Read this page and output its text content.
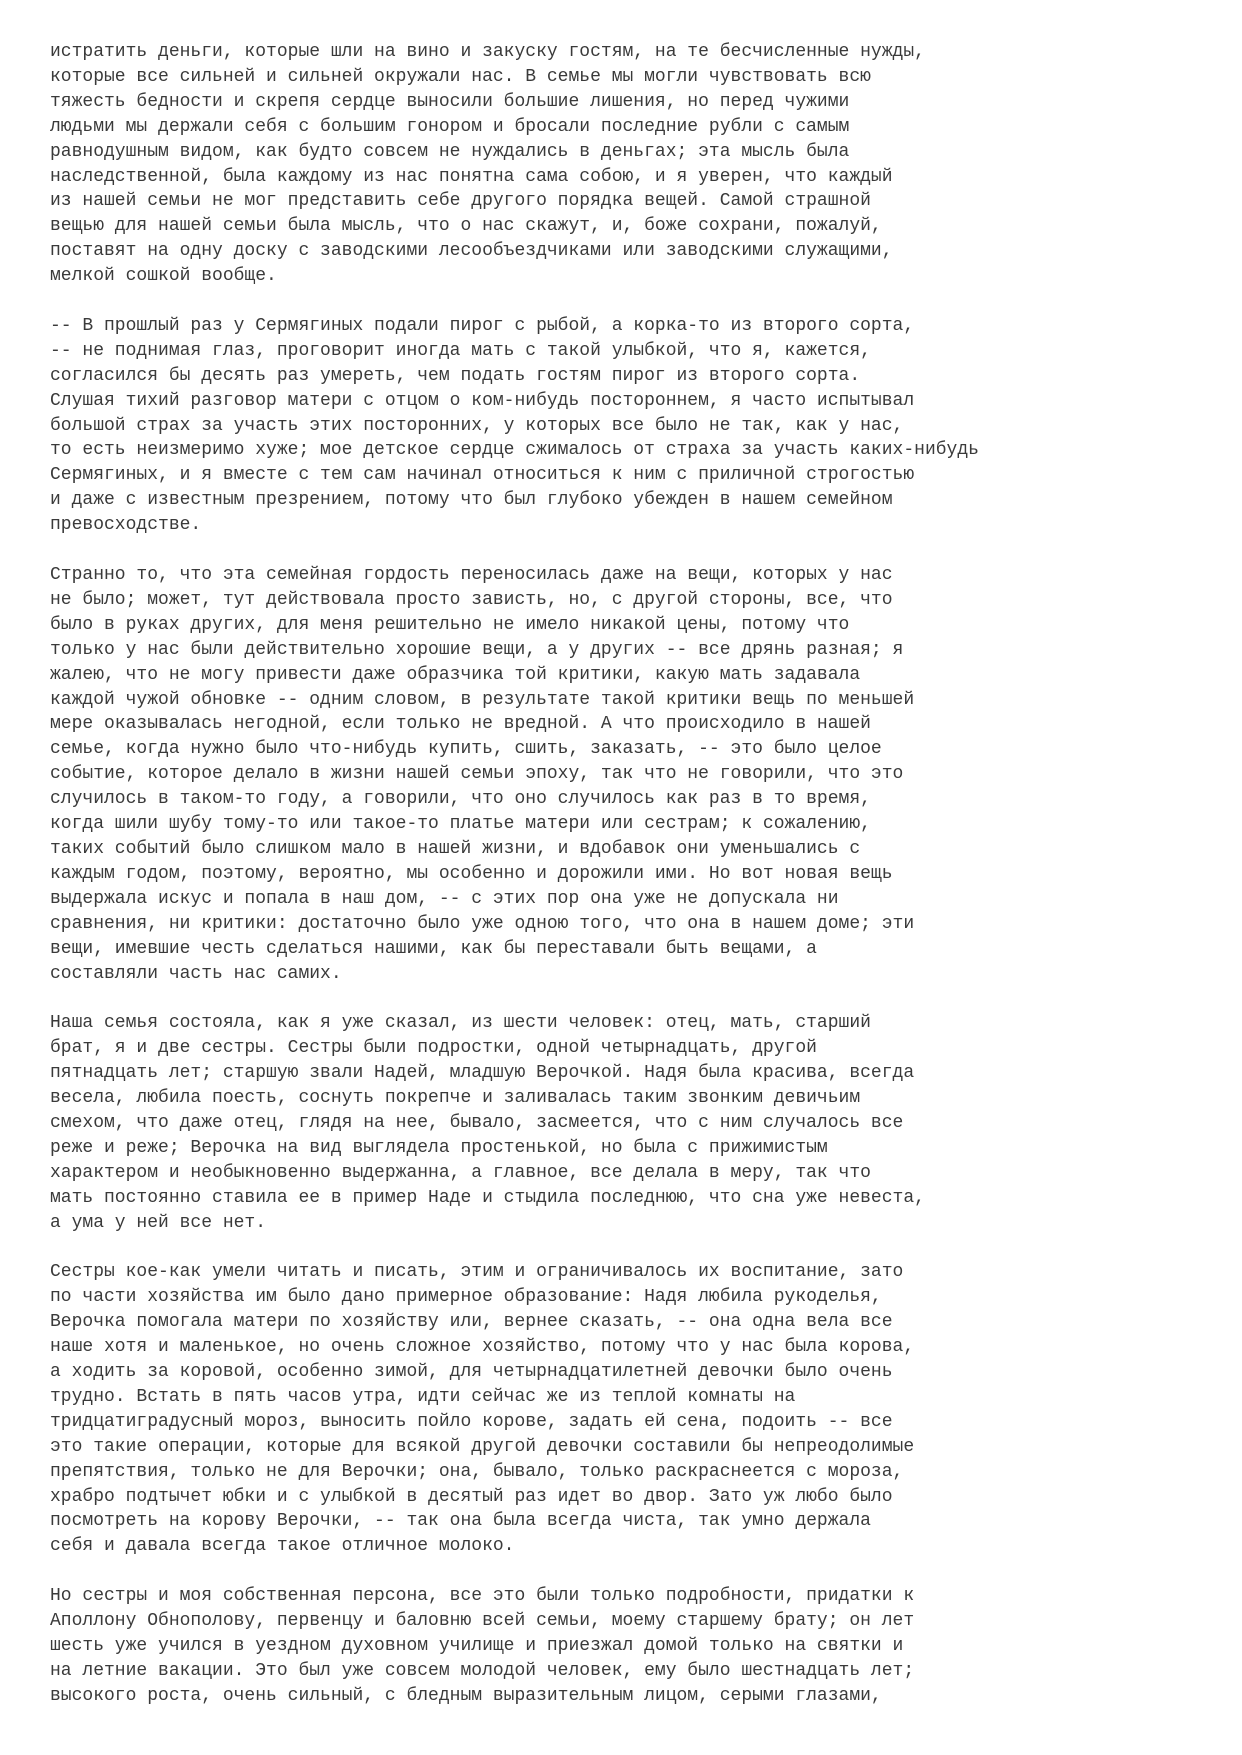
истратить деньги, которые шли на вино и закуску гостям, на те бесчисленные нужды,
которые все сильней и сильней окружали нас. В семье мы могли чувствовать всю
тяжесть бедности и скрепя сердце выносили большие лишения, но перед чужими
людьми мы держали себя с большим гонором и бросали последние рубли с самым
равнодушным видом, как будто совсем не нуждались в деньгах; эта мысль была
наследственной, была каждому из нас понятна сама собою, и я уверен, что каждый
из нашей семьи не мог представить себе другого порядка вещей. Самой страшной
вещью для нашей семьи была мысль, что о нас скажут, и, боже сохрани, пожалуй,
поставят на одну доску с заводскими лесообъездчиками или заводскими служащими,
мелкой сошкой вообще.
-- В прошлый раз у Сермягиных подали пирог с рыбой, а корка-то из второго сорта,
-- не поднимая глаз, проговорит иногда мать с такой улыбкой, что я, кажется,
согласился бы десять раз умереть, чем подать гостям пирог из второго сорта.
Слушая тихий разговор матери с отцом о ком-нибудь постороннем, я часто испытывал
большой страх за участь этих посторонних, у которых все было не так, как у нас,
то есть неизмеримо хуже; мое детское сердце сжималось от страха за участь каких-нибудь
Сермягиных, и я вместе с тем сам начинал относиться к ним с приличной строгостью
и даже с известным презрением, потому что был глубоко убежден в нашем семейном
превосходстве.
Странно то, что эта семейная гордость переносилась даже на вещи, которых у нас
не было; может, тут действовала просто зависть, но, с другой стороны, все, что
было в руках других, для меня решительно не имело никакой цены, потому что
только у нас были действительно хорошие вещи, а у других -- все дрянь разная; я
жалею, что не могу привести даже образчика той критики, какую мать задавала
каждой чужой обновке -- одним словом, в результате такой критики вещь по меньшей
мере оказывалась негодной, если только не вредной. А что происходило в нашей
семье, когда нужно было что-нибудь купить, сшить, заказать, -- это было целое
событие, которое делало в жизни нашей семьи эпоху, так что не говорили, что это
случилось в таком-то году, а говорили, что оно случилось как раз в то время,
когда шили шубу тому-то или такое-то платье матери или сестрам; к сожалению,
таких событий было слишком мало в нашей жизни, и вдобавок они уменьшались с
каждым годом, поэтому, вероятно, мы особенно и дорожили ими. Но вот новая вещь
выдержала искус и попала в наш дом, -- с этих пор она уже не допускала ни
сравнения, ни критики: достаточно было уже одною того, что она в нашем доме; эти
вещи, имевшие честь сделаться нашими, как бы переставали быть вещами, а
составляли часть нас самих.
Наша семья состояла, как я уже сказал, из шести человек: отец, мать, старший
брат, я и две сестры. Сестры были подростки, одной четырнадцать, другой
пятнадцать лет; старшую звали Надей, младшую Верочкой. Надя была красива, всегда
весела, любила поесть, соснуть покрепче и заливалась таким звонким девичьим
смехом, что даже отец, глядя на нее, бывало, засмеется, что с ним случалось все
реже и реже; Верочка на вид выглядела простенькой, но была с прижимистым
характером и необыкновенно выдержанна, а главное, все делала в меру, так что
мать постоянно ставила ее в пример Наде и стыдила последнюю, что сна уже невеста,
а ума у ней все нет.
Сестры кое-как умели читать и писать, этим и ограничивалось их воспитание, зато
по части хозяйства им было дано примерное образование: Надя любила рукоделья,
Верочка помогала матери по хозяйству или, вернее сказать, -- она одна вела все
наше хотя и маленькое, но очень сложное хозяйство, потому что у нас была корова,
а ходить за коровой, особенно зимой, для четырнадцатилетней девочки было очень
трудно. Встать в пять часов утра, идти сейчас же из теплой комнаты на
тридцатиградусный мороз, выносить пойло корове, задать ей сена, подоить -- все
это такие операции, которые для всякой другой девочки составили бы непреодолимые
препятствия, только не для Верочки; она, бывало, только раскраснеется с мороза,
храбро подтычет юбки и с улыбкой в десятый раз идет во двор. Зато уж любо было
посмотреть на корову Верочки, -- так она была всегда чиста, так умно держала
себя и давала всегда такое отличное молоко.
Но сестры и моя собственная персона, все это были только подробности, придатки к
Аполлону Обнополову, первенцу и баловню всей семьи, моему старшему брату; он лет
шесть уже учился в уездном духовном училище и приезжал домой только на святки и
на летние вакации. Это был уже совсем молодой человек, ему было шестнадцать лет;
высокого роста, очень сильный, с бледным выразительным лицом, серыми глазами,
